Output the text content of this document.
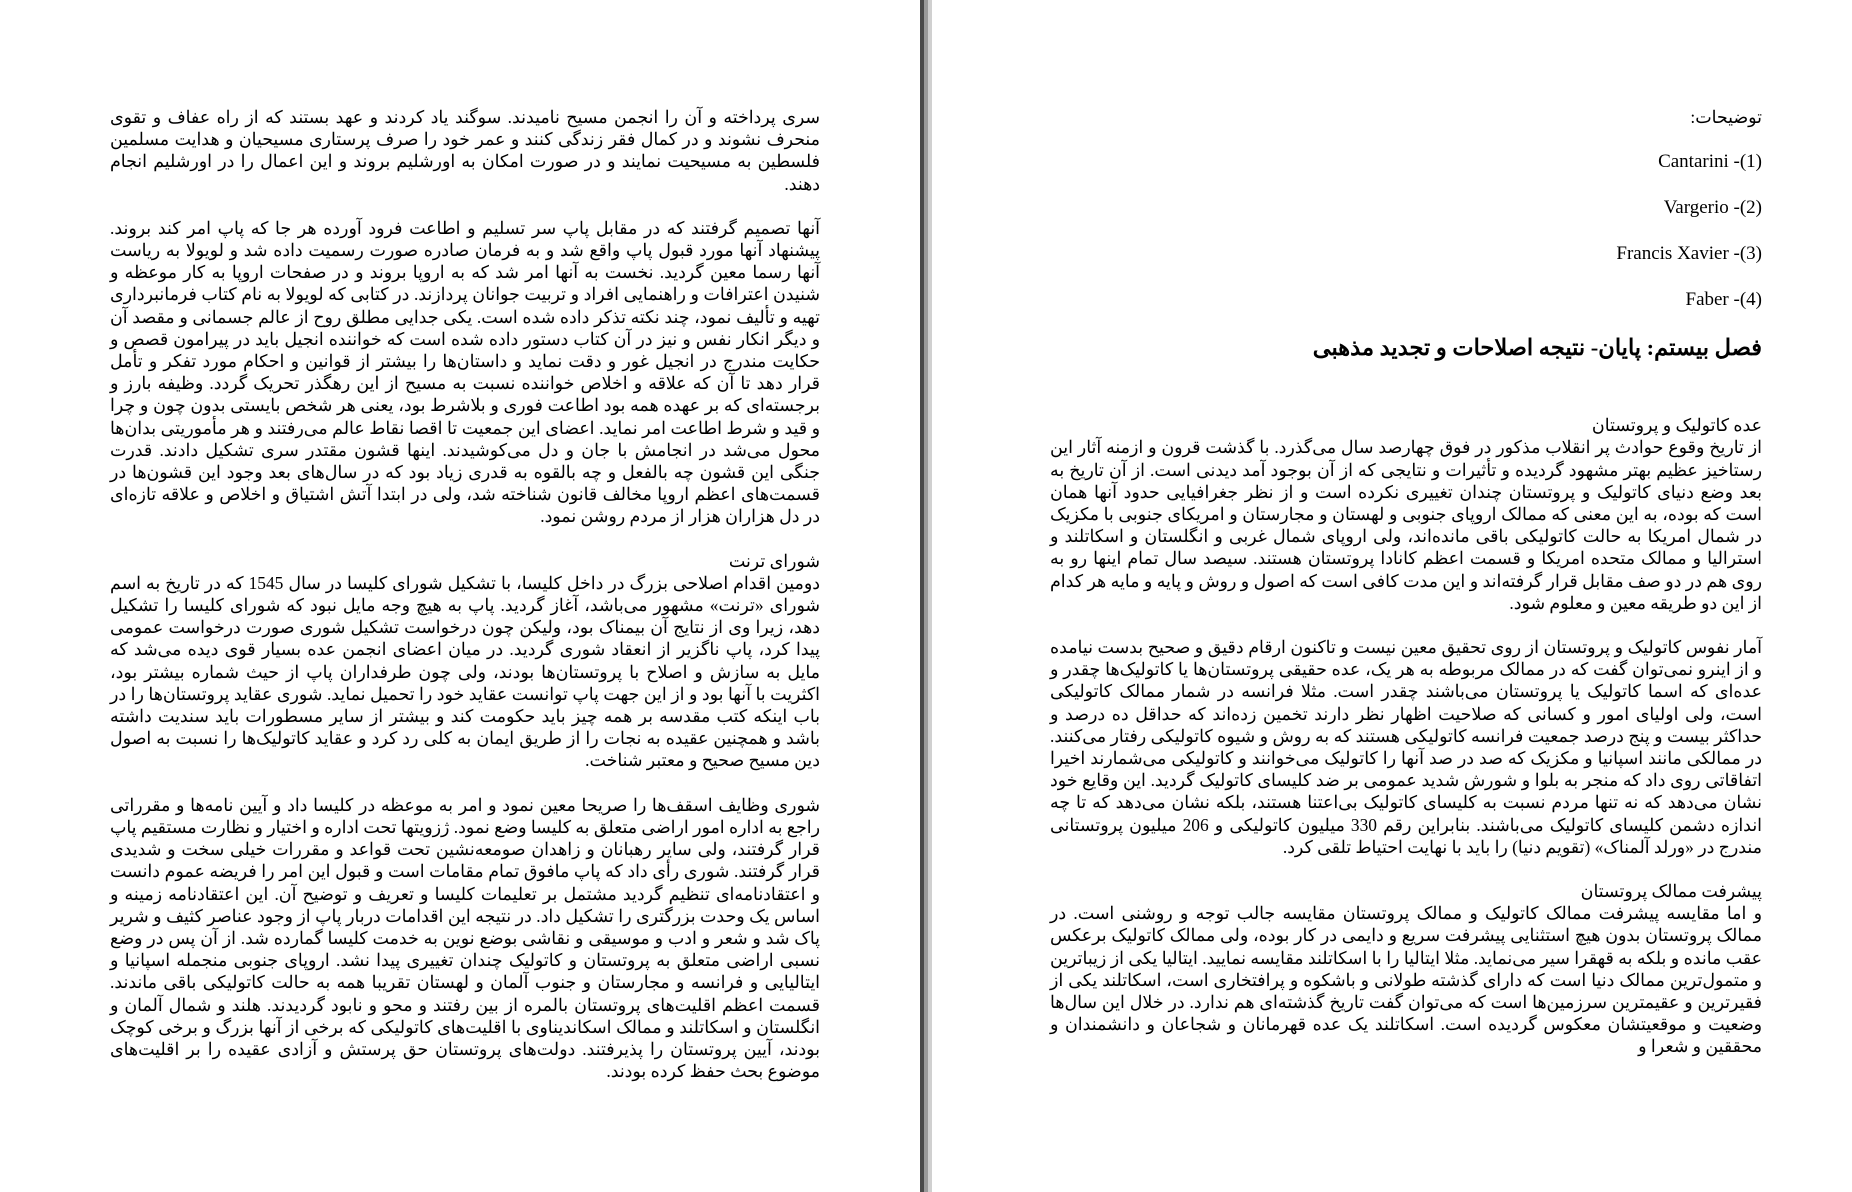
سری پرداخته و آن را انجمن مسیح نامیدند. سوگند یاد کردند و عهد بستند که از راه عفاف و تقوی منحرف نشوند و در کمال فقر زندگی کنند و عمر خود را صرف پرستاری مسیحیان و هدایت مسلمین فلسطین به مسیحیت نمایند و در صورت امکان به اورشلیم بروند و این اعمال را در اورشلیم انجام دهند.

آنها تصمیم گرفتند که در مقابل پاپ سر تسلیم و اطاعت فرود آورده هر جا که پاپ امر کند بروند. پیشنهاد آنها مورد قبول پاپ واقع شد و به فرمان صادره صورت رسمیت داده شد و لویولا به ریاست آنها رسما معین گردید. نخست به آنها امر شد که به اروپا بروند و در صفحات اروپا به کار موعظه و شنیدن اعترافات و راهنمایی افراد و تربیت جوانان پردازند. در کتابی که لویولا به نام کتاب فرمانبرداری تهیه و تألیف نمود، چند نکته تذکر داده شده است. یکی جدایی مطلق روح از عالم جسمانی و مقصد آن و دیگر انکار نفس و نیز در آن کتاب دستور داده شده است که خواننده انجیل باید در پیرامون قصص و حکایت مندرج در انجیل غور و دقت نماید و داستان‌ها را بیشتر از قوانین و احکام مورد تفکر و تأمل قرار دهد تا آن که علاقه و اخلاص خواننده نسبت به مسیح از این رهگذر تحریک گردد. وظیفه بارز و برجسته‌ای که بر عهده همه بود اطاعت فوری و بلاشرط بود، یعنی هر شخص بایستی بدون چون و چرا و قید و شرط اطاعت امر نماید. اعضای این جمعیت تا اقصا نقاط عالم می‌رفتند و هر مأموریتی بدان‌ها محول می‌شد در انجامش با جان و دل می‌کوشیدند. اینها قشون مقتدر سری تشکیل دادند. قدرت جنگی این قشون چه بالفعل و چه بالقوه به قدری زیاد بود که در سال‌های بعد وجود این قشون‌ها در قسمت‌های اعظم اروپا مخالف قانون شناخته شد، ولی در ابتدا آتش اشتیاق و اخلاص و علاقه تازه‌ای در دل هزاران هزار از مردم روشن نمود.

شورای ترنت

دومین اقدام اصلاحی بزرگ در داخل کلیسا، با تشکیل شورای کلیسا در سال 1545 که در تاریخ به اسم شورای «ترنت» مشهور می‌باشد، آغاز گردید. پاپ به هیچ وجه مایل نبود که شورای کلیسا را تشکیل دهد، زیرا وی از نتایج آن بیمناک بود، ولیکن چون درخواست تشکیل شوری صورت درخواست عمومی پیدا کرد، پاپ ناگزیر از انعقاد شوری گردید. در میان اعضای انجمن عده بسیار قوی دیده می‌شد که مایل به سازش و اصلاح با پروتستان‌ها بودند، ولی چون طرفداران پاپ از حیث شماره بیشتر بود، اکثریت با آنها بود و از این جهت پاپ توانست عقاید خود را تحمیل نماید. شوری عقاید پروتستان‌ها را در باب اینکه کتب مقدسه بر همه چیز باید حکومت کند و بیشتر از سایر مسطورات باید سندیت داشته باشد و همچنین عقیده به نجات را از طریق ایمان به کلی رد کرد و عقاید کاتولیک‌ها را نسبت به اصول دین مسیح صحیح و معتبر شناخت.

شوری وظایف اسقف‌ها را صریحا معین نمود و امر به موعظه در کلیسا داد و آیین نامه‌ها و مقرراتی راجع به اداره امور اراضی متعلق به کلیسا وضع نمود. ژزویتها تحت اداره و اختیار و نظارت مستقیم پاپ قرار گرفتند، ولی سایر رهبانان و زاهدان صومعه‌نشین تحت قواعد و مقررات خیلی سخت و شدیدی قرار گرفتند. شوری رأی داد که پاپ مافوق تمام مقامات است و قبول این امر را فریضه عموم دانست و اعتقادنامه‌ای تنظیم گردید مشتمل بر تعلیمات کلیسا و تعریف و توضیح آن. این اعتقادنامه زمینه و اساس یک وحدت بزرگتری را تشکیل داد. در نتیجه این اقدامات دربار پاپ از وجود عناصر کثیف و شریر پاک شد و شعر و ادب و موسیقی و نقاشی بوضع نوین به خدمت کلیسا گمارده شد. از آن پس در وضع نسبی اراضی متعلق به پروتستان و کاتولیک چندان تغییری پیدا نشد. اروپای جنوبی منجمله اسپانیا و ایتالیایی و فرانسه و مجارستان و جنوب آلمان و لهستان تقریبا همه به حالت کاتولیکی باقی ماندند. قسمت اعظم اقلیت‌های پروتستان بالمره از بین رفتند و محو و نابود گردیدند. هلند و شمال آلمان و انگلستان و اسکاتلند و ممالک اسکاندیناوی با اقلیت‌های کاتولیکی که برخی از آنها بزرگ و برخی کوچک بودند، آیین پروتستان را پذیرفتند. دولت‌های پروتستان حق پرستش و آزادی عقیده را بر اقلیت‌های موضوع بحث حفظ کرده بودند.

توضیحات:

Cantarini -(1)

Vargerio -(2)

Francis Xavier -(3)

Faber -(4)

فصل بیستم: پایان- نتیجه اصلاحات و تجدید مذهبی

عده کاتولیک و پروتستان

از تاریخ وقوع حوادث پر انقلاب مذکور در فوق چهارصد سال می‌گذرد. با گذشت قرون و ازمنه آثار این رستاخیز عظیم بهتر مشهود گردیده و تأثیرات و نتایجی که از آن بوجود آمد دیدنی است. از آن تاریخ به بعد وضع دنیای کاتولیک و پروتستان چندان تغییری نکرده است و از نظر جغرافیایی حدود آنها همان است که بوده، به این معنی که ممالک اروپای جنوبی و لهستان و مجارستان و امریکای جنوبی با مکزیک در شمال امریکا به حالت کاتولیکی باقی مانده‌اند، ولی اروپای شمال غربی و انگلستان و اسکاتلند و استرالیا و ممالک متحده امریکا و قسمت اعظم کانادا پروتستان هستند. سیصد سال تمام اینها رو به روی هم در دو صف مقابل قرار گرفته‌اند و این مدت کافی است که اصول و روش و پایه و مایه هر کدام از این دو طریقه معین و معلوم شود.

آمار نفوس کاتولیک و پروتستان از روی تحقیق معین نیست و تاکنون ارقام دقیق و صحیح بدست نیامده و از اینرو نمی‌توان گفت که در ممالک مربوطه به هر یک، عده حقیقی پروتستان‌ها یا کاتولیک‌ها چقدر و عده‌ای که اسما کاتولیک یا پروتستان می‌باشند چقدر است. مثلا فرانسه در شمار ممالک کاتولیکی است، ولی اولیای امور و کسانی که صلاحیت اظهار نظر دارند تخمین زده‌اند که حداقل ده درصد و حداکثر بیست و پنج درصد جمعیت فرانسه کاتولیکی هستند که به روش و شیوه کاتولیکی رفتار می‌کنند. در ممالکی مانند اسپانیا و مکزیک که صد در صد آنها را کاتولیک می‌خوانند و کاتولیکی می‌شمارند اخیرا اتفاقاتی روی داد که منجر به بلوا و شورش شدید عمومی بر ضد کلیسای کاتولیک گردید. این وقایع خود نشان می‌دهد که نه تنها مردم نسبت به کلیسای کاتولیک بی‌اعتنا هستند، بلکه نشان می‌دهد که تا چه اندازه دشمن کلیسای کاتولیک می‌باشند. بنابراین رقم 330 میلیون کاتولیکی و 206 میلیون پروتستانی مندرج در «ورلد آلمناک» (تقویم دنیا) را باید با نهایت احتیاط تلقی کرد.

پیشرفت ممالک پروتستان

و اما مقایسه پیشرفت ممالک کاتولیک و ممالک پروتستان مقایسه جالب توجه و روشنی است. در ممالک پروتستان بدون هیچ استثنایی پیشرفت سریع و دایمی در کار بوده، ولی ممالک کاتولیک برعکس عقب مانده و بلکه به قهقرا سیر می‌نماید. مثلا ایتالیا را با اسکاتلند مقایسه نمایید. ایتالیا یکی از زیباترین و متمول‌ترین ممالک دنیا است که دارای گذشته طولانی و باشکوه و پرافتخاری است، اسکاتلند یکی از فقیرترین و عقیمترین سرزمین‌ها است که می‌توان گفت تاریخ گذشته‌ای هم ندارد. در خلال این سال‌ها وضعیت و موقعیتشان معکوس گردیده است. اسکاتلند یک عده قهرمانان و شجاعان و دانشمندان و محققین و شعرا و
